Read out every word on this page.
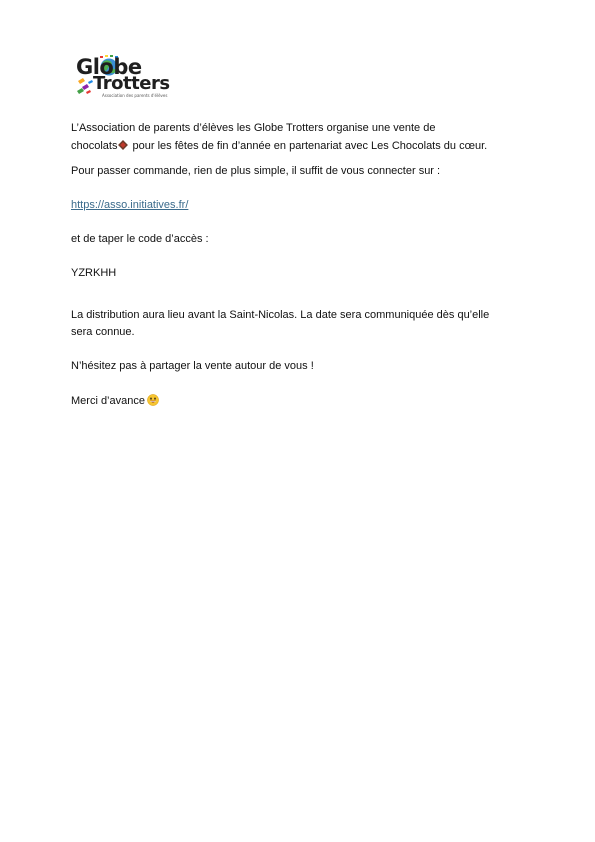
Globe
Trotters
Association des parents d'élèves
L’Association de parents d’élèves les Globe Trotters organise une vente de
chocolats pour les fêtes de fin d’année en partenariat avec Les Chocolats du cœur.
Pour passer commande, rien de plus simple, il suffit de vous connecter sur :
https://asso.initiatives.fr/
et de taper le code d’accès :
YZRKHH
La distribution aura lieu avant la Saint-Nicolas. La date sera communiquée dès qu’elle
sera connue.
N’hésitez pas à partager la vente autour de vous !
Merci d’avance
